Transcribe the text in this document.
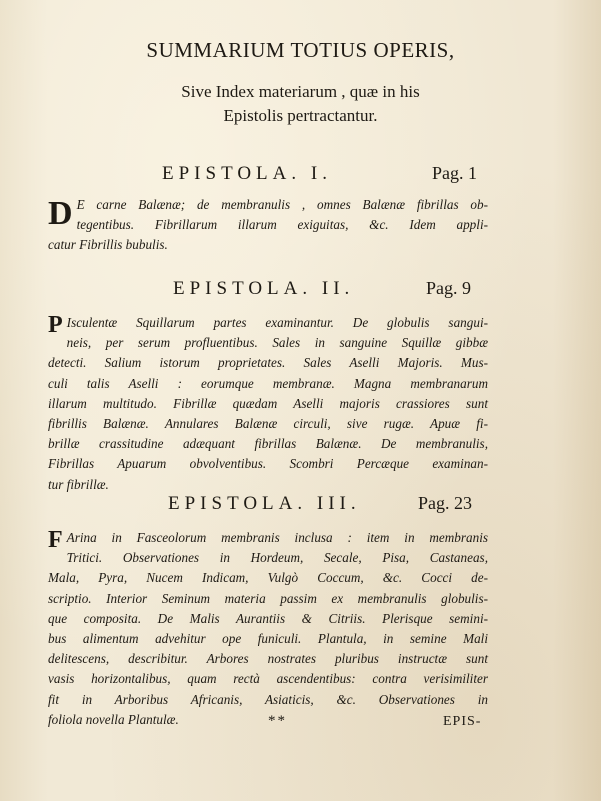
SUMMARIUM TOTIUS OPERIS,
Sive Index materiarum , quæ in his
Epistolis pertractantur.
EPISTOLA. I.	Pag. 1
D E carne Balænæ; de membranulis , omnes Balænæ fibrillas ob-
tegentibus. Fibrillarum illarum exiguitas, &c. Idem appli-
catur Fibrillis bubulis.
EPISTOLA. II.	Pag. 9
P Isculentæ Squillarum partes examinantur. De globulis sangui-
neis, per serum profluentibus. Sales in sanguine Squillæ gibbæ
detecti. Salium istorum proprietates. Sales Aselli Majoris. Mus-
culi talis Aselli : eorumque membranæ. Magna membranarum
illarum multitudo. Fibrillæ quædam Aselli majoris crassiores sunt
fibrillis Balænæ. Annulares Balænæ circuli, sive rugæ. Apuæ fi-
brillæ crassitudine adæquant fibrillas Balænæ. De membranulis,
Fibrillas Apuarum obvolventibus. Scombri Percæque examinan-
tur fibrillæ.
EPISTOLA. III.	Pag. 23
F Arina in Fasceolorum membranis inclusa : item in membranis
Tritici. Observationes in Hordeum, Secale, Pisa, Castaneas,
Mala, Pyra, Nucem Indicam, Vulgò Coccum, &c. Cocci de-
scriptio. Interior Seminum materia passim ex membranulis globulis-
que composita. De Malis Aurantiis & Citriis. Plerisque semini-
bus alimentum advehitur ope funiculi. Plantula, in semine Mali
delitescens, describitur. Arbores nostrates pluribus instructæ sunt
vasis horizontalibus, quam rectà ascendentibus: contra verisimiliter
fit in Arboribus Africanis, Asiaticis, &c. Observationes in
foliola novella Plantulæ.	**	EPIS-
